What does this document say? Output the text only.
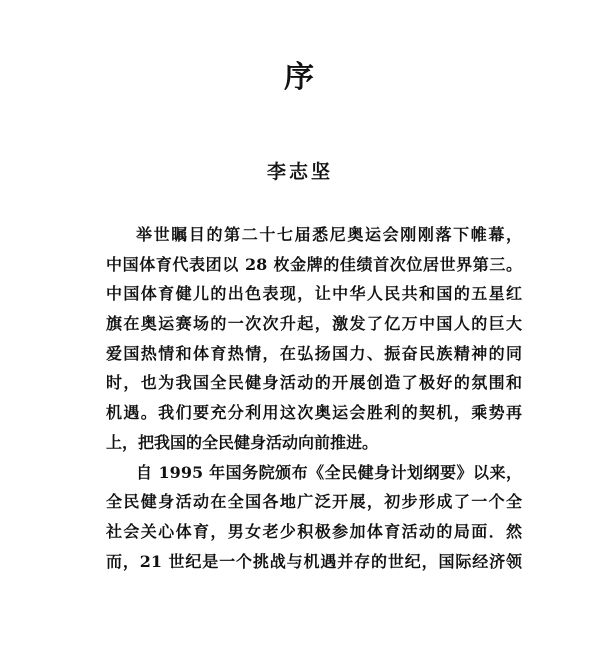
序
李志坚
举世瞩目的第二十七届悉尼奥运会刚刚落下帷幕，
中国体育代表团以 28 枚金牌的佳绩首次位居世界第三。
中国体育健儿的出色表现，让中华人民共和国的五星红
旗在奥运赛场的一次次升起，激发了亿万中国人的巨大
爱国热情和体育热情，在弘扬国力、振奋民族精神的同
时，也为我国全民健身活动的开展创造了极好的氛围和
机遇。我们要充分利用这次奥运会胜利的契机，乘势再
上，把我国的全民健身活动向前推进。
自 1995 年国务院颁布《全民健身计划纲要》以来，
全民健身活动在全国各地广泛开展，初步形成了一个全
社会关心体育，男女老少积极参加体育活动的局面．然
而，21 世纪是一个挑战与机遇并存的世纪，国际经济领
